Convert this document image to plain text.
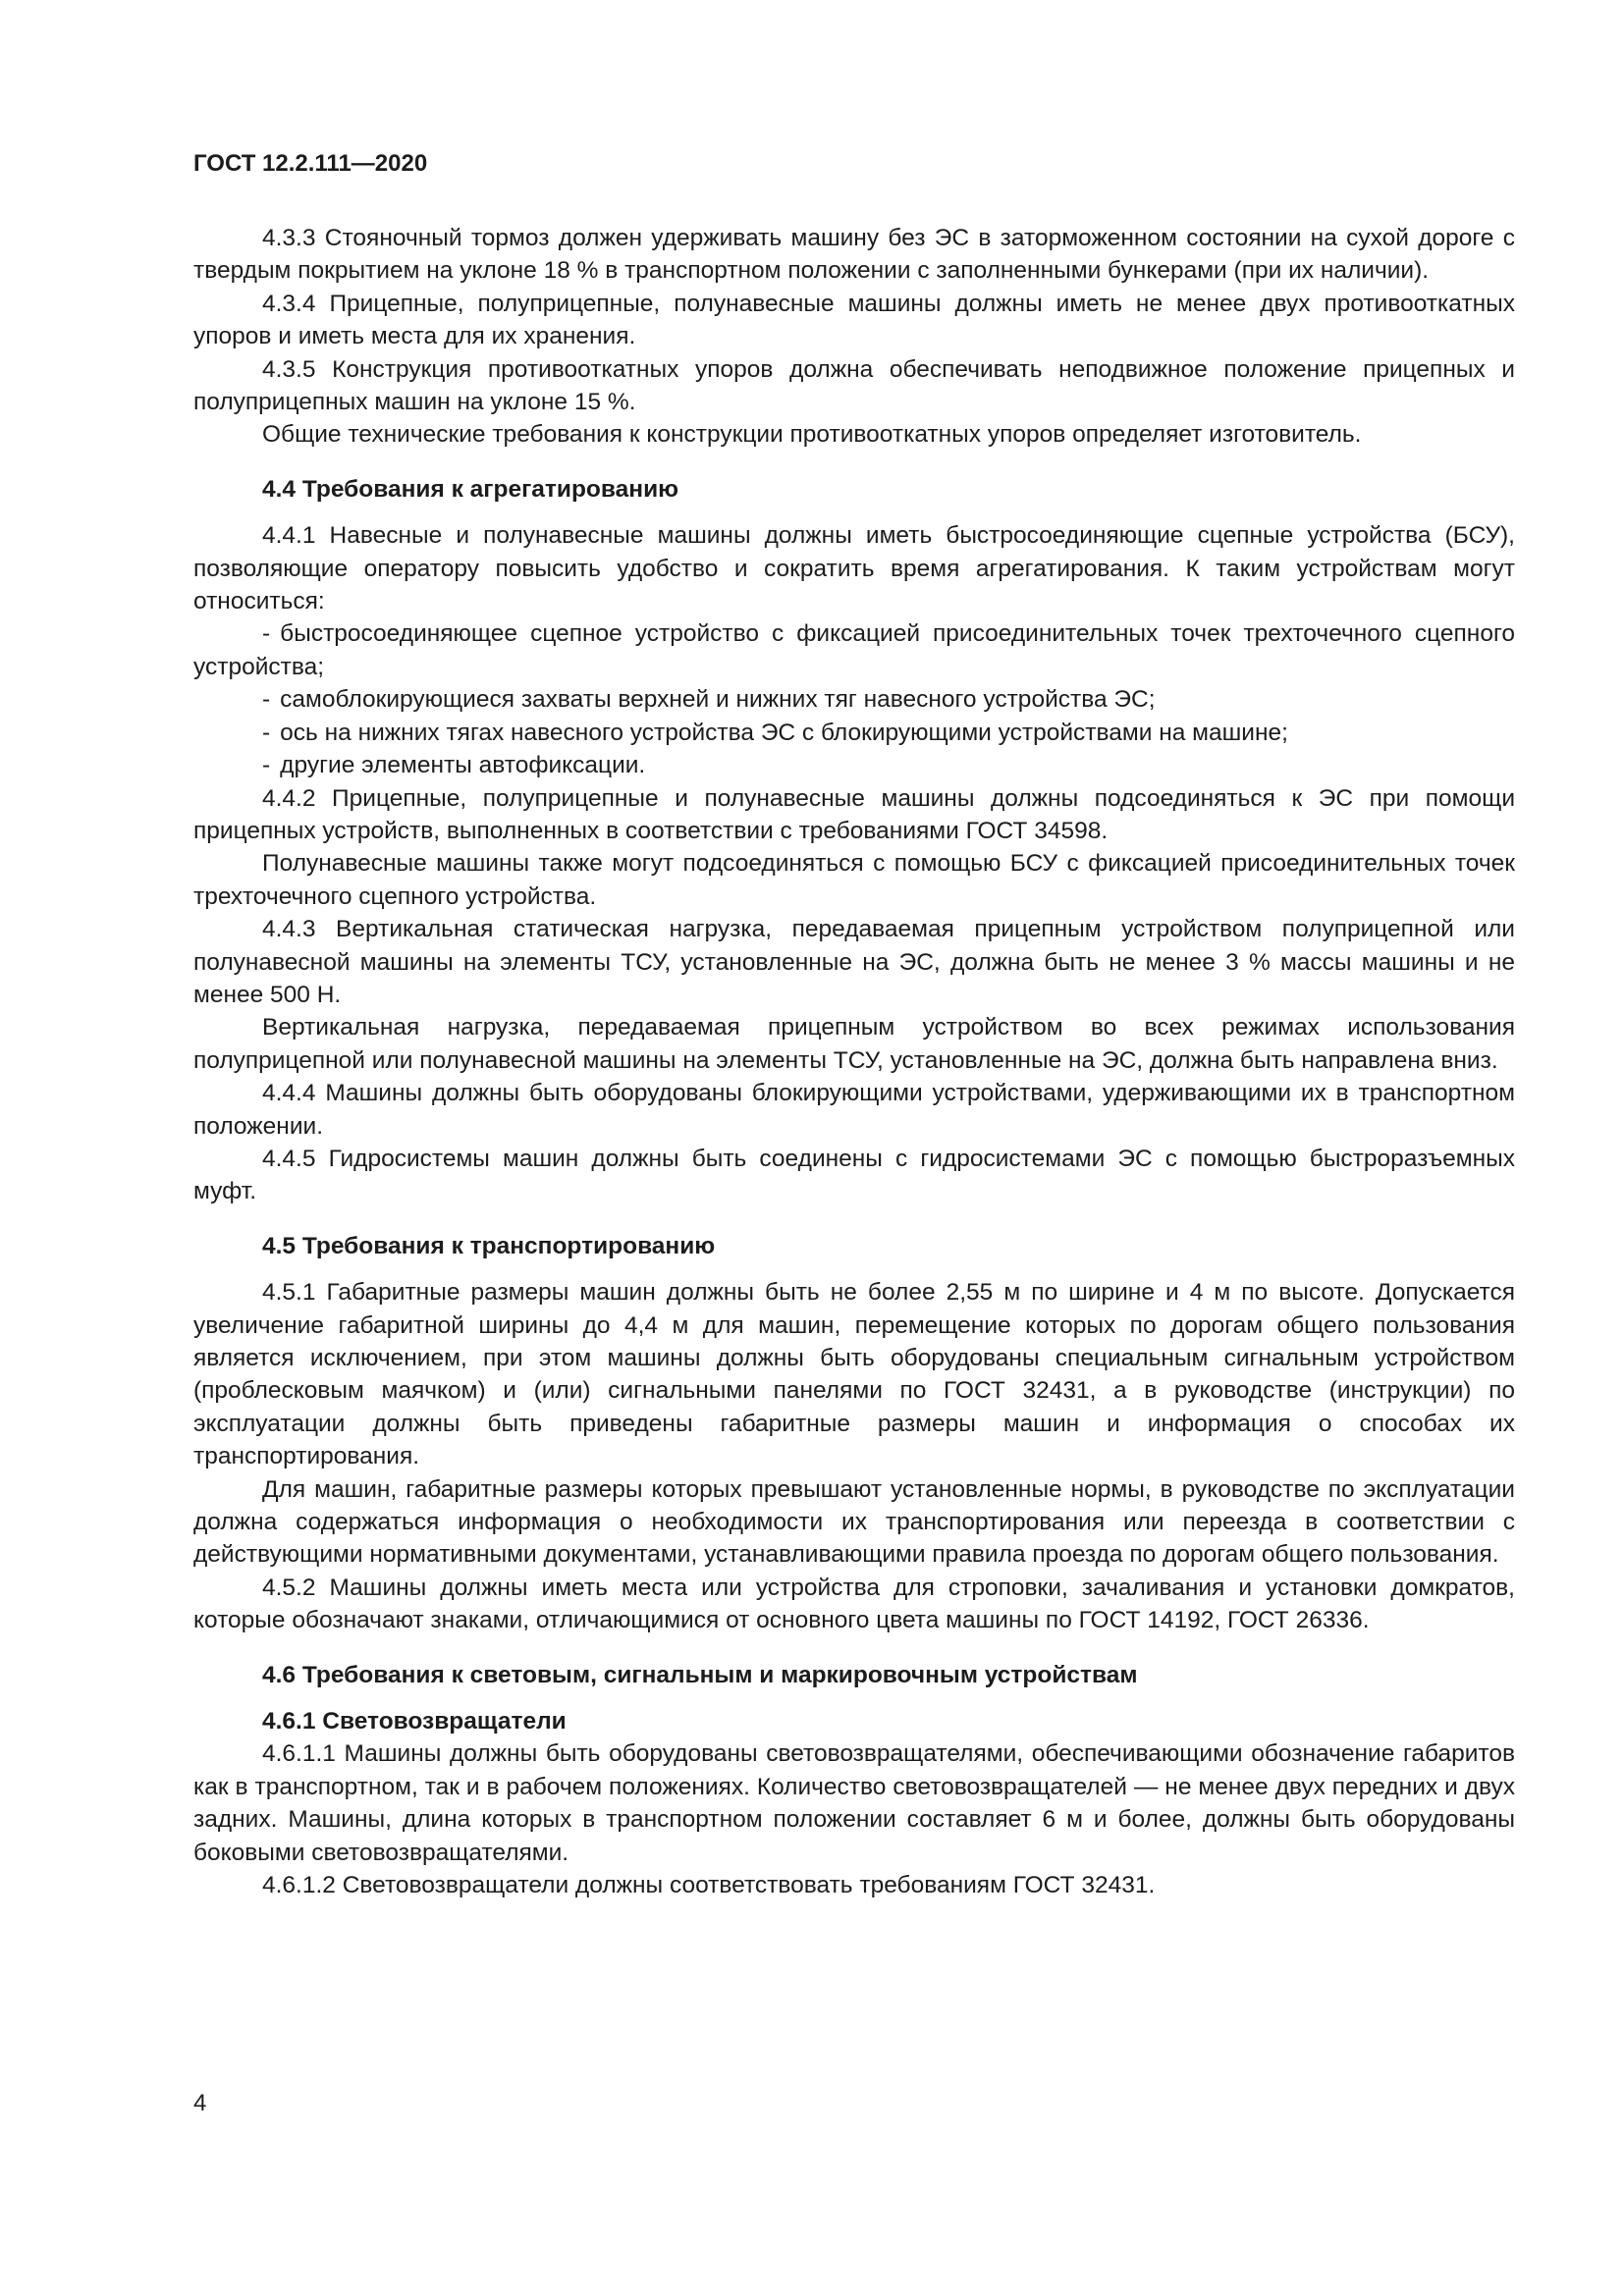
ГОСТ 12.2.111—2020

4.3.3 Стояночный тормоз должен удерживать машину без ЭС в заторможенном состоянии на сухой дороге с твердым покрытием на уклоне 18 % в транспортном положении с заполненными бункерами (при их наличии).

4.3.4 Прицепные, полуприцепные, полунавесные машины должны иметь не менее двух противооткатных упоров и иметь места для их хранения.

4.3.5 Конструкция противооткатных упоров должна обеспечивать неподвижное положение прицепных и полуприцепных машин на уклоне 15 %.

Общие технические требования к конструкции противооткатных упоров определяет изготовитель.

4.4 Требования к агрегатированию

4.4.1 Навесные и полунавесные машины должны иметь быстросоединяющие сцепные устройства (БСУ), позволяющие оператору повысить удобство и сократить время агрегатирования. К таким устройствам могут относиться:

- быстросоединяющее сцепное устройство с фиксацией присоединительных точек трехточечного сцепного устройства;

- самоблокирующиеся захваты верхней и нижних тяг навесного устройства ЭС;

- ось на нижних тягах навесного устройства ЭС с блокирующими устройствами на машине;

- другие элементы автофиксации.

4.4.2 Прицепные, полуприцепные и полунавесные машины должны подсоединяться к ЭС при помощи прицепных устройств, выполненных в соответствии с требованиями ГОСТ 34598.

Полунавесные машины также могут подсоединяться с помощью БСУ с фиксацией присоединительных точек трехточечного сцепного устройства.

4.4.3 Вертикальная статическая нагрузка, передаваемая прицепным устройством полуприцепной или полунавесной машины на элементы ТСУ, установленные на ЭС, должна быть не менее 3 % массы машины и не менее 500 Н.

Вертикальная нагрузка, передаваемая прицепным устройством во всех режимах использования полуприцепной или полунавесной машины на элементы ТСУ, установленные на ЭС, должна быть направлена вниз.

4.4.4 Машины должны быть оборудованы блокирующими устройствами, удерживающими их в транспортном положении.

4.4.5 Гидросистемы машин должны быть соединены с гидросистемами ЭС с помощью быстроразъемных муфт.

4.5 Требования к транспортированию

4.5.1 Габаритные размеры машин должны быть не более 2,55 м по ширине и 4 м по высоте. Допускается увеличение габаритной ширины до 4,4 м для машин, перемещение которых по дорогам общего пользования является исключением, при этом машины должны быть оборудованы специальным сигнальным устройством (проблесковым маячком) и (или) сигнальными панелями по ГОСТ 32431, а в руководстве (инструкции) по эксплуатации должны быть приведены габаритные размеры машин и информация о способах их транспортирования.

Для машин, габаритные размеры которых превышают установленные нормы, в руководстве по эксплуатации должна содержаться информация о необходимости их транспортирования или переезда в соответствии с действующими нормативными документами, устанавливающими правила проезда по дорогам общего пользования.

4.5.2 Машины должны иметь места или устройства для строповки, зачаливания и установки домкратов, которые обозначают знаками, отличающимися от основного цвета машины по ГОСТ 14192, ГОСТ 26336.

4.6 Требования к световым, сигнальным и маркировочным устройствам

4.6.1 Световозвращатели

4.6.1.1 Машины должны быть оборудованы световозвращателями, обеспечивающими обозначение габаритов как в транспортном, так и в рабочем положениях. Количество световозвращателей — не менее двух передних и двух задних. Машины, длина которых в транспортном положении составляет 6 м и более, должны быть оборудованы боковыми световозвращателями.

4.6.1.2 Световозвращатели должны соответствовать требованиям ГОСТ 32431.

4
